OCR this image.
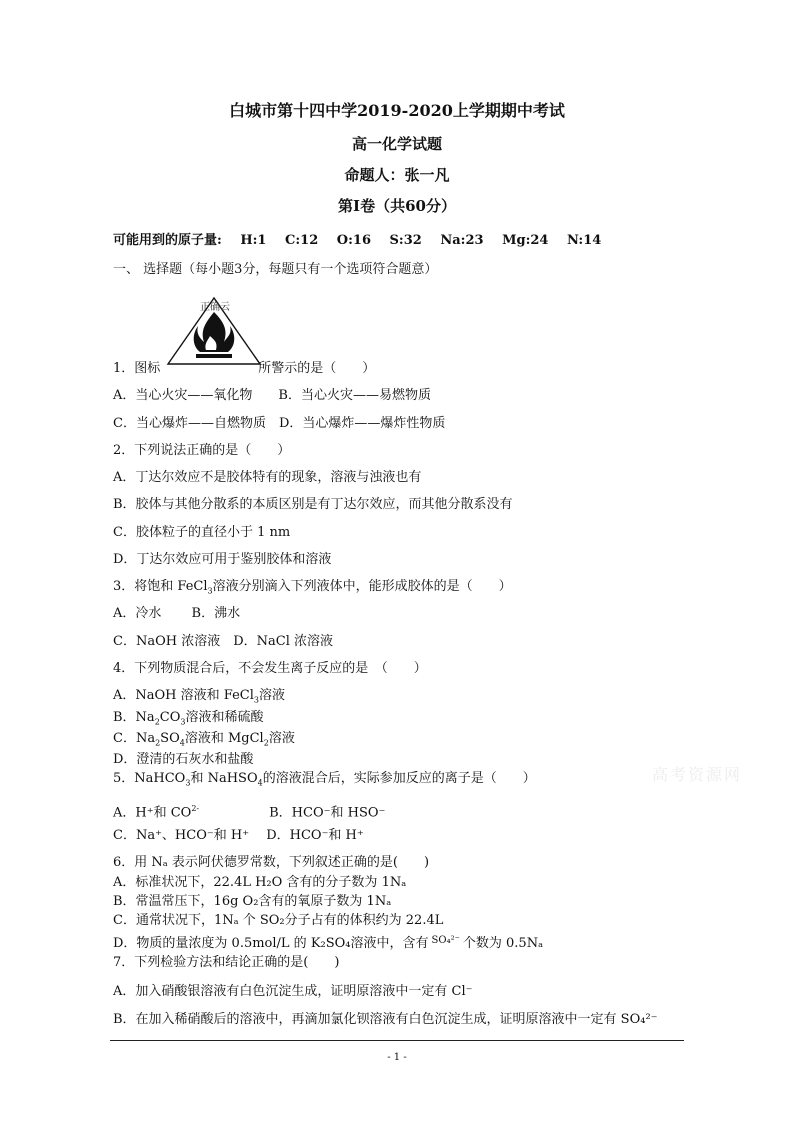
白城市第十四中学2019-2020上学期期中考试
高一化学试题
命题人：张一凡
第Ⅰ卷（共60分）
可能用到的原子量: H:1 C:12 O:16 S:32 Na:23 Mg:24 N:14
一、 选择题（每小题3分，每题只有一个选项符合题意）
正确云
1．图标	所警示的是（　　）
A．当心火灾——氧化物　　B．当心火灾——易燃物质
C．当心爆炸——自燃物质　D．当心爆炸——爆炸性物质
2．下列说法正确的是（　　）
A．丁达尔效应不是胶体特有的现象，溶液与浊液也有
B．胶体与其他分散系的本质区别是有丁达尔效应，而其他分散系没有
C．胶体粒子的直径小于 1 nm
D．丁达尔效应可用于鉴别胶体和溶液
3．将饱和 FeCl$_3$溶液分别滴入下列液体中，能形成胶体的是（　　）
A．冷水　　 B．沸水
C．NaOH 浓溶液　D．NaCl 浓溶液
4．下列物质混合后，不会发生离子反应的是　（　　）
A．NaOH 溶液和 FeCl$_3$溶液
B．$Na_2CO_3$溶液和稀硫酸
C．$Na_2SO_4$溶液和 MgCl$_2$溶液
D．澄清的石灰水和盐酸
5．NaHCO$_3$和 NaHSO$_4$的溶液混合后，实际参加反应的离子是（　　）	高考资源网
A．H⁺和 $CO^{2-}$	B．HCO⁻和 HSO⁻
C．Na⁺、HCO⁻和 H⁺　 D．HCO⁻和 H⁺
6．用 Nₐ 表示阿伏德罗常数，下列叙述正确的是(　　)
A．标准状况下，22.4L H₂O 含有的分子数为 1Nₐ
B．常温常压下，16g O₂含有的氧原子数为 1Nₐ
C．通常状况下，1Nₐ 个 SO₂分子占有的体积约为 22.4L
D．物质的量浓度为 0.5mol/L 的 K₂SO₄溶液中，含有 $^{SO_4^{2-}}$ 个数为 0.5Nₐ
7．下列检验方法和结论正确的是(　　)
A．加入硝酸银溶液有白色沉淀生成，证明原溶液中一定有 Cl⁻
B．在加入稀硝酸后的溶液中，再滴加氯化钡溶液有白色沉淀生成，证明原溶液中一定有 SO₄²⁻
- 1 -
